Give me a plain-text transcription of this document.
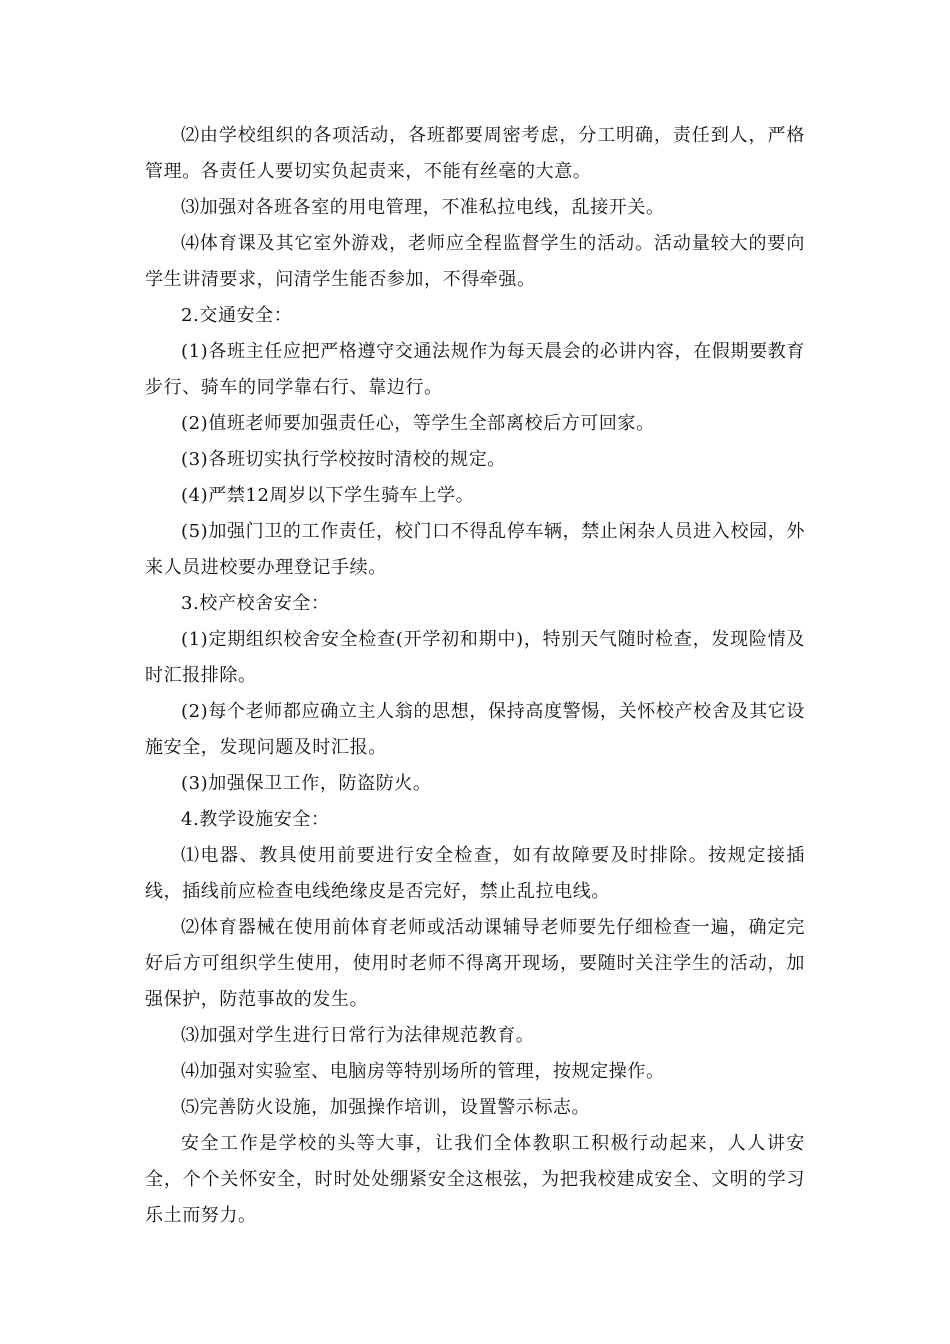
⑵由学校组织的各项活动，各班都要周密考虑，分工明确，责任到人，严格管理。各责任人要切实负起责来，不能有丝毫的大意。

⑶加强对各班各室的用电管理，不准私拉电线，乱接开关。

⑷体育课及其它室外游戏，老师应全程监督学生的活动。活动量较大的要向学生讲清要求，问清学生能否参加，不得牵强。

2.交通安全：

(1)各班主任应把严格遵守交通法规作为每天晨会的必讲内容，在假期要教育步行、骑车的同学靠右行、靠边行。

(2)值班老师要加强责任心，等学生全部离校后方可回家。

(3)各班切实执行学校按时清校的规定。

(4)严禁12周岁以下学生骑车上学。

(5)加强门卫的工作责任，校门口不得乱停车辆，禁止闲杂人员进入校园，外来人员进校要办理登记手续。

3.校产校舍安全：

(1)定期组织校舍安全检查(开学初和期中)，特别天气随时检查，发现险情及时汇报排除。

(2)每个老师都应确立主人翁的思想，保持高度警惕，关怀校产校舍及其它设施安全，发现问题及时汇报。

(3)加强保卫工作，防盗防火。

4.教学设施安全：

⑴电器、教具使用前要进行安全检查，如有故障要及时排除。按规定接插线，插线前应检查电线绝缘皮是否完好，禁止乱拉电线。

⑵体育器械在使用前体育老师或活动课辅导老师要先仔细检查一遍，确定完好后方可组织学生使用，使用时老师不得离开现场，要随时关注学生的活动，加强保护，防范事故的发生。

⑶加强对学生进行日常行为法律规范教育。

⑷加强对实验室、电脑房等特别场所的管理，按规定操作。

⑸完善防火设施，加强操作培训，设置警示标志。

安全工作是学校的头等大事，让我们全体教职工积极行动起来，人人讲安全，个个关怀安全，时时处处绷紧安全这根弦，为把我校建成安全、文明的学习乐土而努力。
